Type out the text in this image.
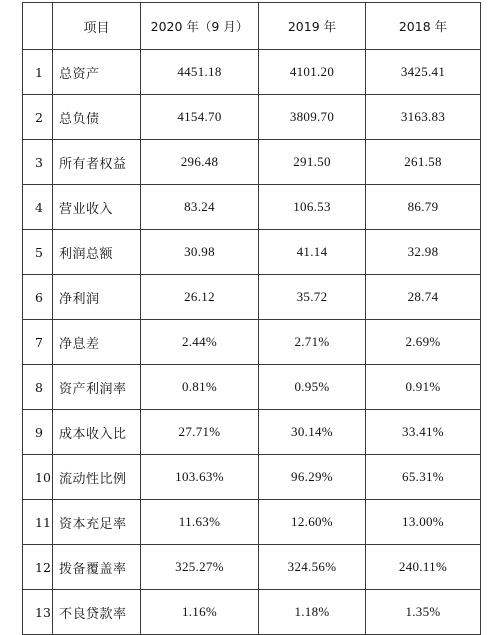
	项目	2020 年（9 月）	2019 年	2018 年
1	总资产	4451.18	4101.20	3425.41
2	总负债	4154.70	3809.70	3163.83
3	所有者权益	296.48	291.50	261.58
4	营业收入	83.24	106.53	86.79
5	利润总额	30.98	41.14	32.98
6	净利润	26.12	35.72	28.74
7	净息差	2.44%	2.71%	2.69%
8	资产利润率	0.81%	0.95%	0.91%
9	成本收入比	27.71%	30.14%	33.41%
10	流动性比例	103.63%	96.29%	65.31%
11	资本充足率	11.63%	12.60%	13.00%
12	拨备覆盖率	325.27%	324.56%	240.11%
13	不良贷款率	1.16%	1.18%	1.35%
